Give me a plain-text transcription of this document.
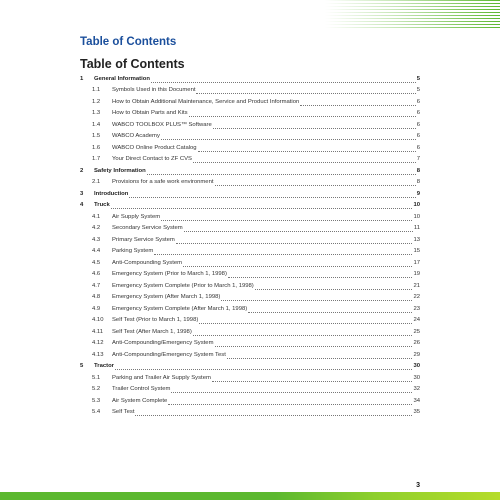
Table of Contents
Table of Contents
1	General Information	5
1.1	Symbols Used in this Document	5
1.2	How to Obtain Additional Maintenance, Service and Product Information	6
1.3	How to Obtain Parts and Kits	6
1.4	WABCO TOOLBOX PLUS™ Software	6
1.5	WABCO Academy	6
1.6	WABCO Online Product Catalog	6
1.7	Your Direct Contact to ZF CVS	7
2	Safety Information	8
2.1	Provisions for a safe work environment	8
3	Introduction	9
4	Truck	10
4.1	Air Supply System	10
4.2	Secondary Service System	11
4.3	Primary Service System	13
4.4	Parking System	15
4.5	Anti-Compounding System	17
4.6	Emergency System (Prior to March 1, 1998)	19
4.7	Emergency System Complete (Prior to March 1, 1998)	21
4.8	Emergency System (After March 1, 1998)	22
4.9	Emergency System Complete (After March 1, 1998)	23
4.10	Self Test (Prior to March 1, 1998)	24
4.11	Self Test (After March 1, 1998)	25
4.12	Anti-Compounding/Emergency System	26
4.13	Anti-Compounding/Emergency System Test	29
5	Tractor	30
5.1	Parking and Trailer Air Supply System	30
5.2	Trailer Control System	32
5.3	Air System Complete	34
5.4	Self Test	35
3
